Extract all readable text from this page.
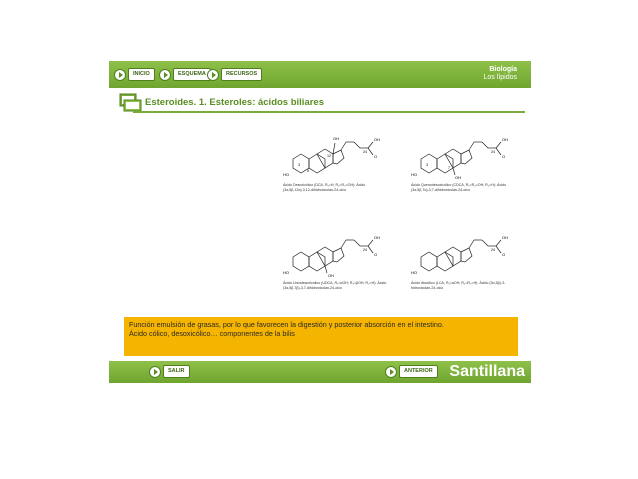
INICIO	ESQUEMA	RECURSOS
Biología
Los lípidos
Esteroides. 1. Esteroles: ácidos biliares
OH	OH
O
24
12
3
5
HO
Ácido Desoxicólico (DCA, R₁=H; R₂=R₃=OH): Ácido (3α,5β,12α)-3,12-dihidroxicolan-24-oico
OH
O
24
3
7
HO
OH
Ácido Quenodesoxicólico (CDCA, R₁=R₃=OH; R₂=H): Ácido (3α,5β,7α)-3,7-dihidroxicolan-24-oico
OH
O
24
HO
OH
Ácido Ursodesoxicólico (UDCA, R₁=αOH; R₃=βOH; R₂=H): Ácido (3α,5β,7β)-3,7-dihidroxicolan-24-oico
OH
O
24
HO
Ácido litocólico (LCA, R₁=αOH; R₂=R₃=H): Ácido (3α,5β)-3-hidroxicolan-24-oico
Función emulsión de grasas, por lo que favorecen la digestión y posterior absorción en el intestino.
Ácido cólico, desoxicólico… componentes de la bilis
SALIR	ANTERIOR	Santillana
